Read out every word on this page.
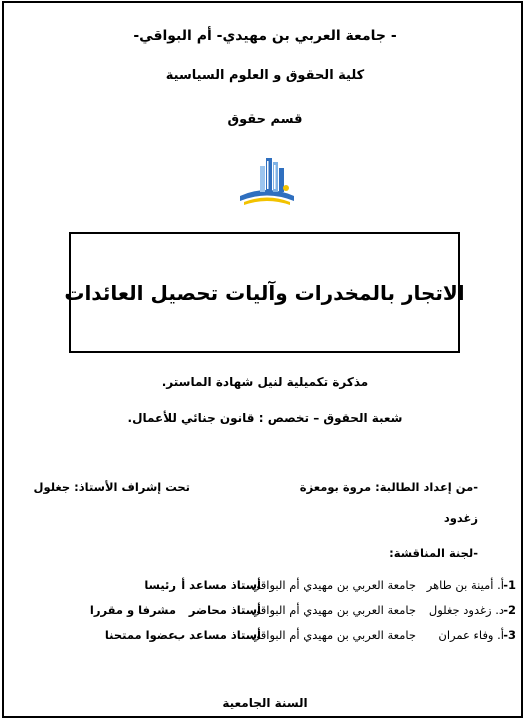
- جامعة العربي بن مهيدي- أم البواقي-
كلية الحقوق و العلوم السياسية
قسم حقوق
الاتجار بالمخدرات وآليات تحصيل العائدات
مذكرة تكميلية لنيل شهادة الماستر.
شعبة الحقوق – تخصص : قانون جنائي للأعمال.
-من إعداد الطالبة: مروة بومعزة
تحت إشراف الأستاذ: جغلول
زغدود
-لجنة المناقشة:
1-
أ. أمينة بن طاهر
جامعة العربي بن مهيدي أم البواقي
أستاذ مساعد أ
رئيسا
2-
د. زغدود جغلول
جامعة العربي بن مهيدي أم البواقي
أستاذ محاضر
مشرفا و مقررا
3-
أ. وفاء عمران
جامعة العربي بن مهيدي أم البواقي
أستاذ مساعد ب
عضوا ممتحنا
السنة الجامعية
